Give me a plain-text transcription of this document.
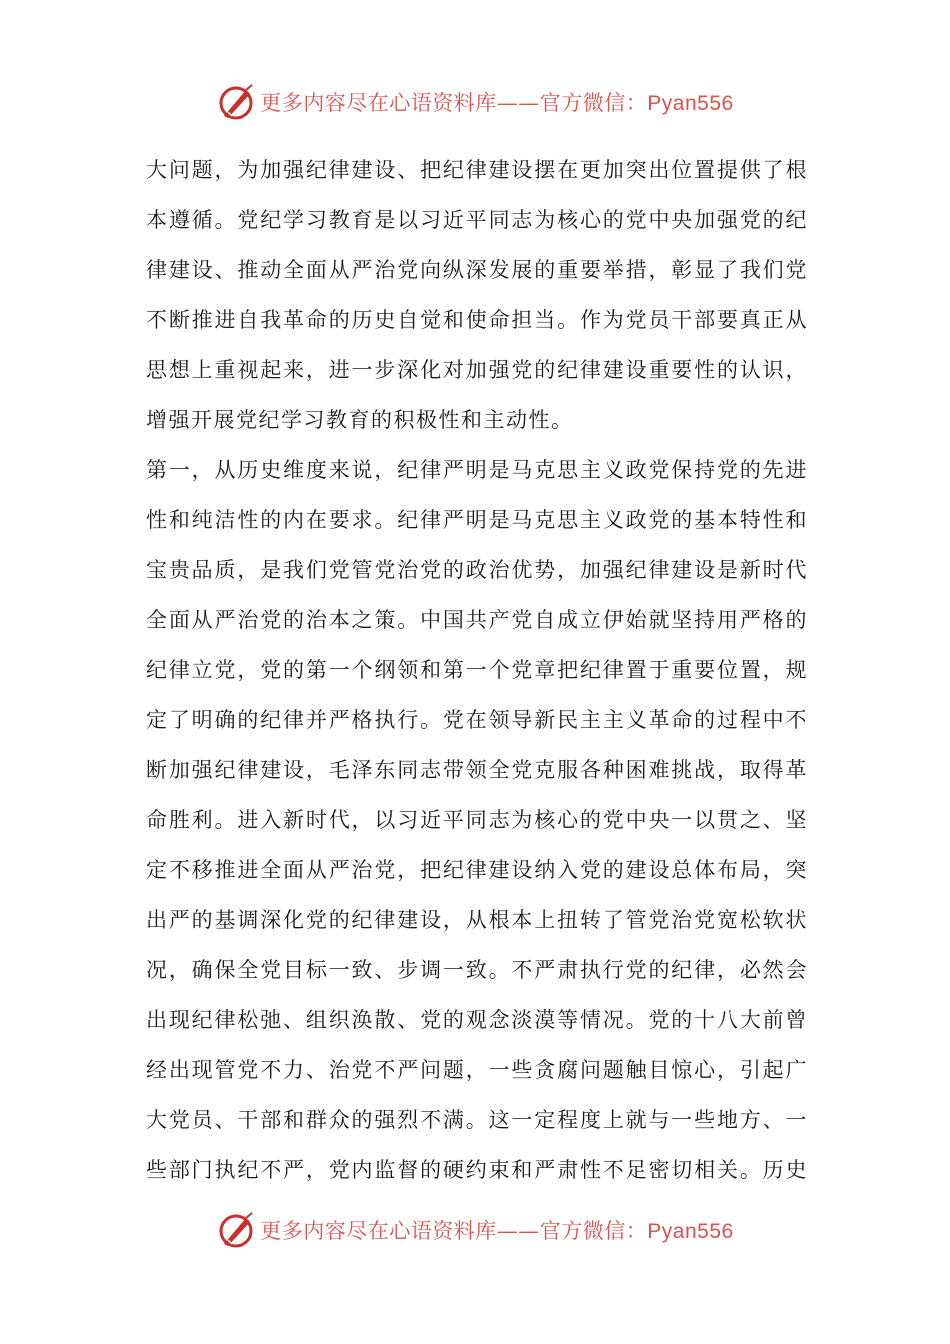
更多内容尽在心语资料库——官方微信：Pyan556
大问题，为加强纪律建设、把纪律建设摆在更加突出位置提供了根
本遵循。党纪学习教育是以习近平同志为核心的党中央加强党的纪
律建设、推动全面从严治党向纵深发展的重要举措，彰显了我们党
不断推进自我革命的历史自觉和使命担当。作为党员干部要真正从
思想上重视起来，进一步深化对加强党的纪律建设重要性的认识，
增强开展党纪学习教育的积极性和主动性。
第一，从历史维度来说，纪律严明是马克思主义政党保持党的先进
性和纯洁性的内在要求。纪律严明是马克思主义政党的基本特性和
宝贵品质，是我们党管党治党的政治优势，加强纪律建设是新时代
全面从严治党的治本之策。中国共产党自成立伊始就坚持用严格的
纪律立党，党的第一个纲领和第一个党章把纪律置于重要位置，规
定了明确的纪律并严格执行。党在领导新民主主义革命的过程中不
断加强纪律建设，毛泽东同志带领全党克服各种困难挑战，取得革
命胜利。进入新时代，以习近平同志为核心的党中央一以贯之、坚
定不移推进全面从严治党，把纪律建设纳入党的建设总体布局，突
出严的基调深化党的纪律建设，从根本上扭转了管党治党宽松软状
况，确保全党目标一致、步调一致。不严肃执行党的纪律，必然会
出现纪律松弛、组织涣散、党的观念淡漠等情况。党的十八大前曾
经出现管党不力、治党不严问题，一些贪腐问题触目惊心，引起广
大党员、干部和群众的强烈不满。这一定程度上就与一些地方、一
些部门执纪不严，党内监督的硬约束和严肃性不足密切相关。历史
更多内容尽在心语资料库——官方微信：Pyan556
